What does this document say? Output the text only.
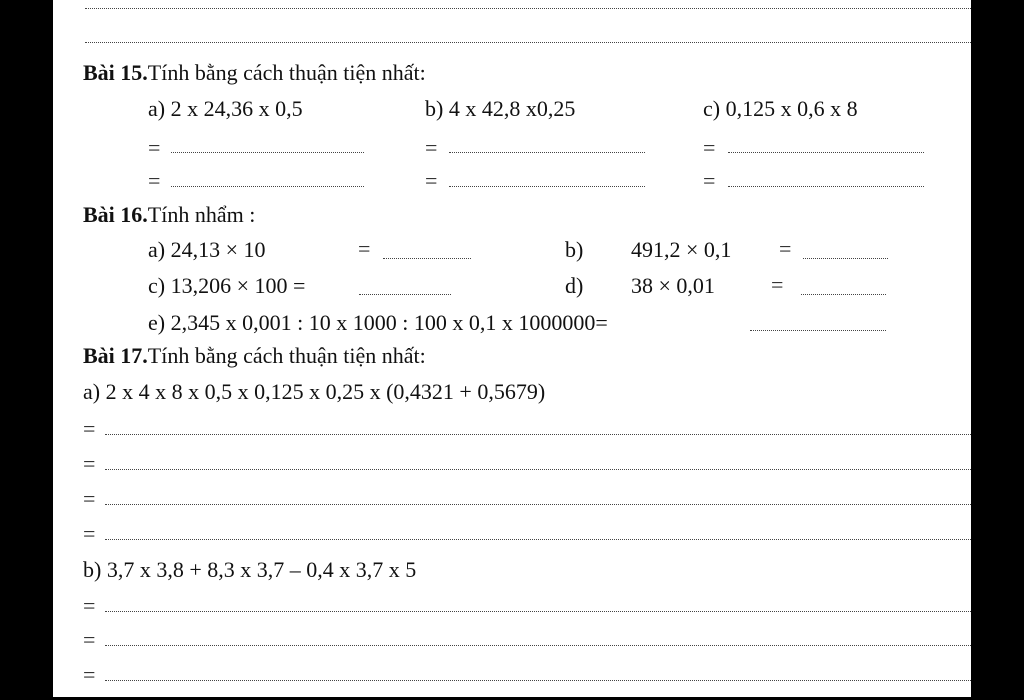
Bài 15.Tính bằng cách thuận tiện nhất:
a) 2 x 24,36 x 0,5	b) 4 x 42,8 x0,25	c) 0,125 x 0,6 x 8
=	=	=
=	=	=
Bài 16.Tính nhẩm :
a) 24,13 × 10	=	b) 491,2 × 0,1 =
c) 13,206 × 100 =	d) 38 × 0,01	=
e) 2,345 x 0,001 : 10 x 1000 : 100 x 0,1 x 1000000=
Bài 17.Tính bằng cách thuận tiện nhất:
a) 2 x 4 x 8 x 0,5 x 0,125 x 0,25 x (0,4321 + 0,5679)
=
=
=
=
b) 3,7 x 3,8 + 8,3 x 3,7 – 0,4 x 3,7 x 5
=
=
=
